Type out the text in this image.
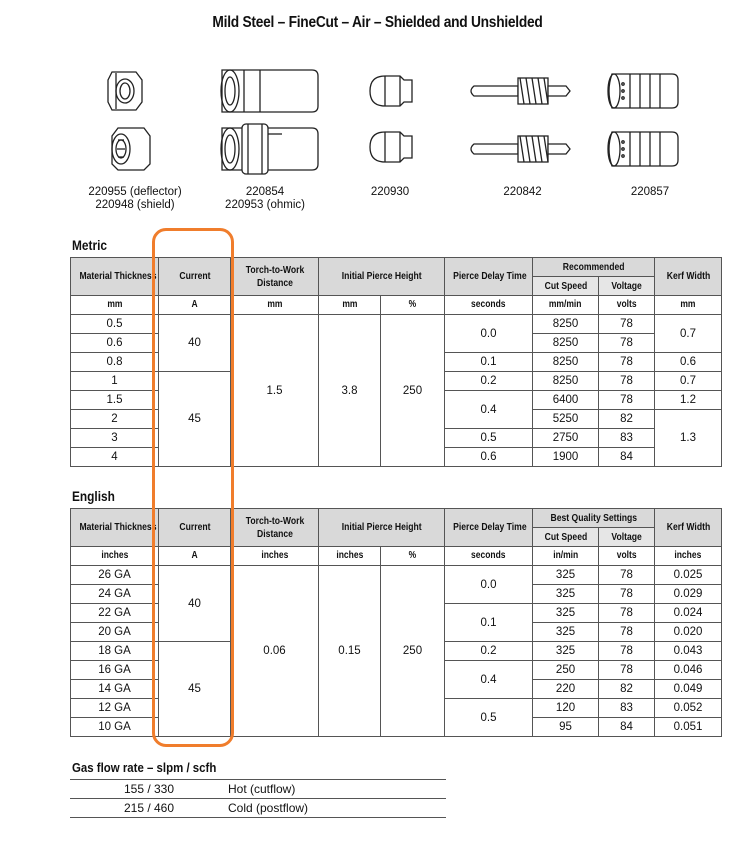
Mild Steel – FineCut – Air – Shielded and Unshielded
220955 (deflector)
220948 (shield)
220854
220953 (ohmic)
220930	220842	220857
Metric
Material Thickness	Current	Torch-to-Work Distance	Initial Pierce Height		Pierce Delay Time	Recommended		Kerf Width
						Cut Speed	Voltage	
mm	A	mm	mm	%	seconds	mm/min	volts	mm
0.5	40	1.5	3.8	250	0.0	8250	78	0.7
0.6						8250	78	
0.8					0.1	8250	78	0.6
1	45				0.2	8250	78	0.7
1.5					0.4	6400	78	1.2
2						5250	82	1.3
3					0.5	2750	83	
4					0.6	1900	84	
English
Material Thickness	Current	Torch-to-Work Distance	Initial Pierce Height		Pierce Delay Time	Best Quality Settings		Kerf Width
						Cut Speed	Voltage	
inches	A	inches	inches	%	seconds	in/min	volts	inches
26 GA	40	0.06	0.15	250	0.0	325	78	0.025
24 GA						325	78	0.029
22 GA					0.1	325	78	0.024
20 GA						325	78	0.020
18 GA	45				0.2	325	78	0.043
16 GA					0.4	250	78	0.046
14 GA						220	82	0.049
12 GA					0.5	120	83	0.052
10 GA						95	84	0.051
Gas flow rate – slpm / scfh
155 / 330	Hot (cutflow)
215 / 460	Cold (postflow)
